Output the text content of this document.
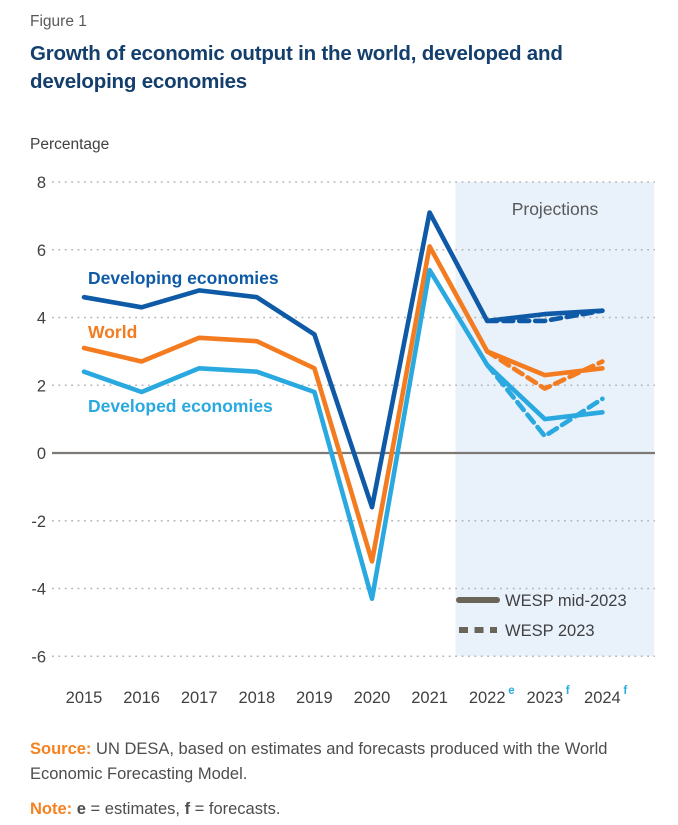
Figure 1
Growth of economic output in the world, developed and developing economies
Percentage
8
6
4
2
0
-2
-4
-6
Projections
Developing economies
World
Developed economies
WESP mid-2023
WESP 2023
2015 2016 2017 2018 2019 2020 2021 2022 e 2023 f 2024 f

Source: UN DESA, based on estimates and forecasts produced with the World Economic Forecasting Model.

Note: e = estimates, f = forecasts.
